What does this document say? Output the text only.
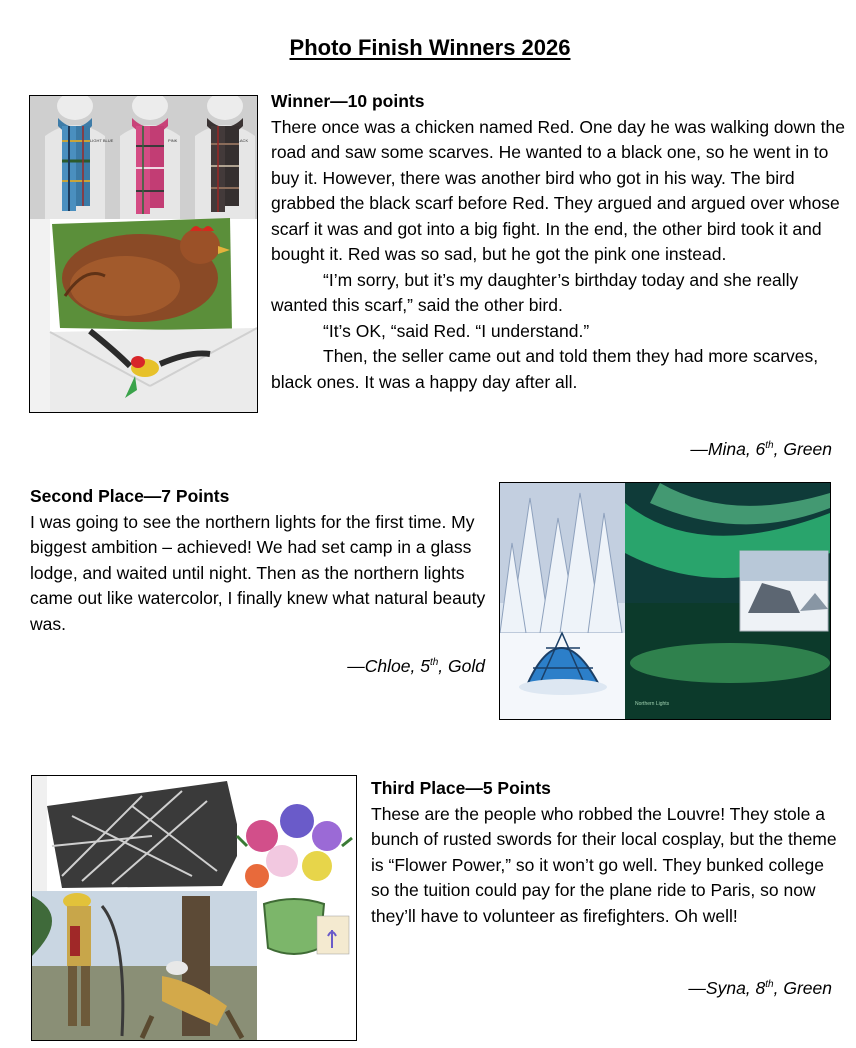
Photo Finish Winners 2026
LIGHT BLUE	PINK	BLACK
Winner—10 points

There once was a chicken named Red. One day he was walking down the road and saw some scarves. He wanted to a black one, so he went in to buy it. However, there was another bird who got in his way. The bird grabbed the black scarf before Red. They argued and argued over whose scarf it was and got into a big fight. In the end, the other bird took it and bought it. Red was so sad, but he got the pink one instead.

“I’m sorry, but it’s my daughter’s birthday today and she really wanted this scarf,” said the other bird.

“It’s OK, “said Red. “I understand.”

Then, the seller came out and told them they had more scarves, black ones. It was a happy day after all.

—Mina, 6th, Green
Second Place—7 Points

I was going to see the northern lights for the first time. My biggest ambition – achieved! We had set camp in a glass lodge, and waited until night. Then as the northern lights came out like watercolor, I finally knew what natural beauty was.

—Chloe, 5th, Gold
Northern Lights
Third Place—5 Points

These are the people who robbed the Louvre! They stole a bunch of rusted swords for their local cosplay, but the theme is “Flower Power,” so it won’t go well. They bunked college so the tuition could pay for the plane ride to Paris, so now they’ll have to volunteer as firefighters. Oh well!

—Syna, 8th, Green
